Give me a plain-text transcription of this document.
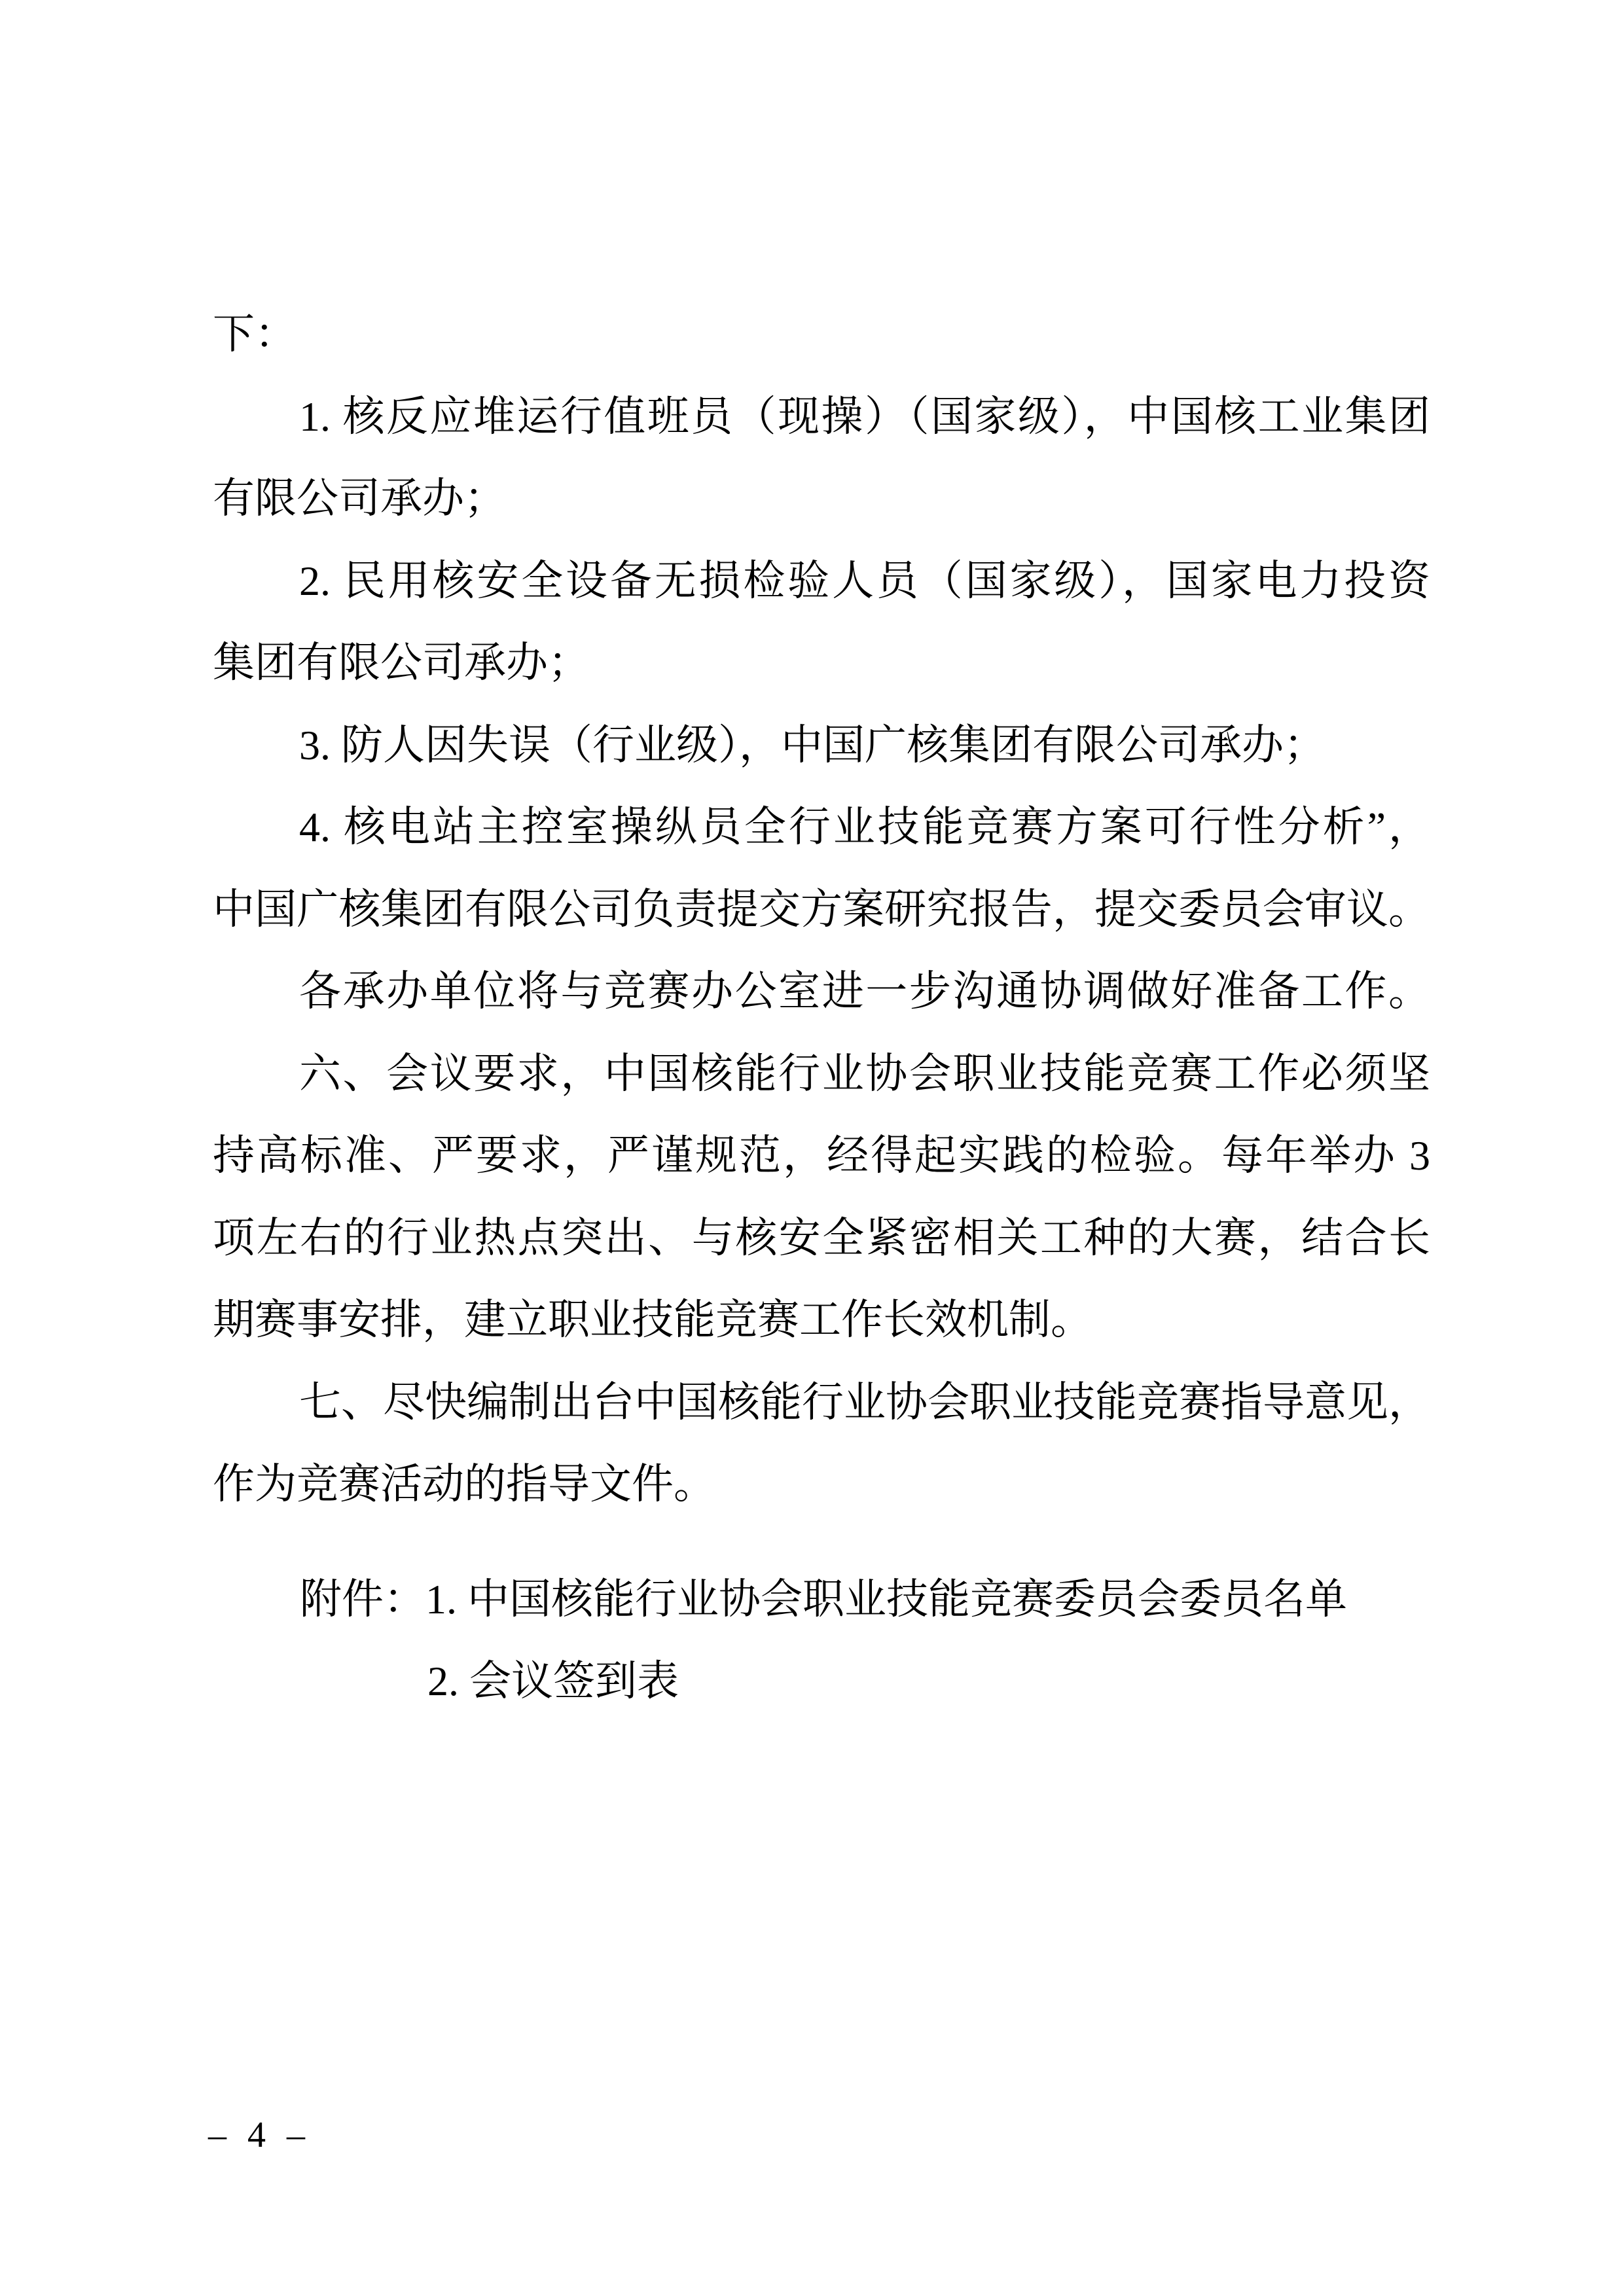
下：
1. 核反应堆运行值班员（现操）（国家级），中国核工业集团
有限公司承办；
2. 民用核安全设备无损检验人员（国家级），国家电力投资
集团有限公司承办；
3. 防人因失误（行业级），中国广核集团有限公司承办；
4. 核电站主控室操纵员全行业技能竞赛方案可行性分析”，
中国广核集团有限公司负责提交方案研究报告，提交委员会审议。
各承办单位将与竞赛办公室进一步沟通协调做好准备工作。
六、会议要求，中国核能行业协会职业技能竞赛工作必须坚
持高标准、严要求，严谨规范，经得起实践的检验。每年举办 3
项左右的行业热点突出、与核安全紧密相关工种的大赛，结合长
期赛事安排，建立职业技能竞赛工作长效机制。
七、尽快编制出台中国核能行业协会职业技能竞赛指导意见，
作为竞赛活动的指导文件。
附件：1. 中国核能行业协会职业技能竞赛委员会委员名单
2. 会议签到表
– 4 –
